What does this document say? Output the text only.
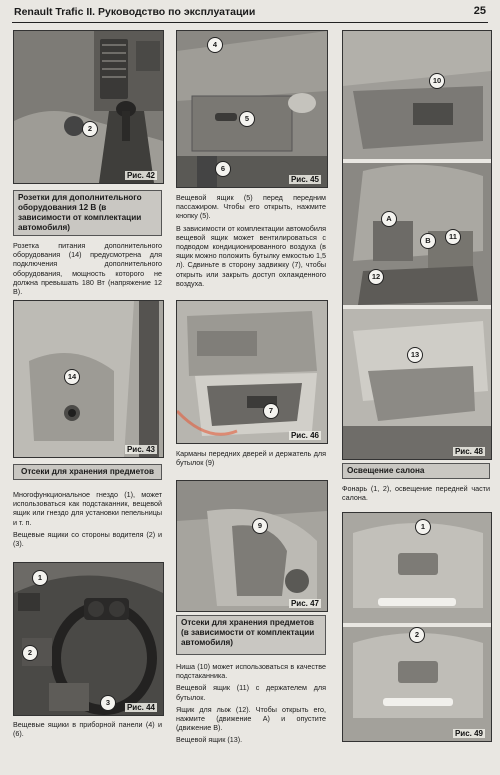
Renault Trafic II. Руководство по эксплуатации	25
2
Рис. 42
Розетки для дополнительного оборудования 12 В (в зависимости от комплектации автомобиля)

Розетка питания дополнительного оборудования (14) предусмотрена для подключения дополнительного оборудования, мощность которого не должна превышать 180 Вт (напряжение 12 В).

14
Рис. 43
Отсеки для хранения предметов

Многофункциональное гнездо (1), может использоваться как подстаканник, вещевой ящик или гнездо для установки пепельницы и т. п.

Вещевые ящики со стороны водителя (2) и (3).

1
2
3
Рис. 44

Вещевые ящики в приборной панели (4) и (6).

4
5
6
Рис. 45

Вещевой ящик (5) перед передним пассажиром. Чтобы его открыть, нажмите кнопку (5).

В зависимости от комплектации автомобиля вещевой ящик может вентилироваться с подводом кондиционированного воздуха (в ящик можно положить бутылку емкостью 1,5 л). Сдвиньте в сторону задвижку (7), чтобы открыть или закрыть доступ охлажденного воздуха.

7
Рис. 46

Карманы передних дверей и держатель для бутылок (9)

9
Рис. 47
Отсеки для хранения предметов (в зависимости от комплектации автомобиля)

Ниша (10) может использоваться в качестве подстаканника.

Вещевой ящик (11) с держателем для бутылок.

Ящик для лыж (12). Чтобы открыть его, нажмите (движение A) и опустите (движение B).

Вещевой ящик (13).

10
A
B	11
12
13
Рис. 48
Освещение салона

Фонарь (1, 2), освещение передней части салона.

1
2
Рис. 49
